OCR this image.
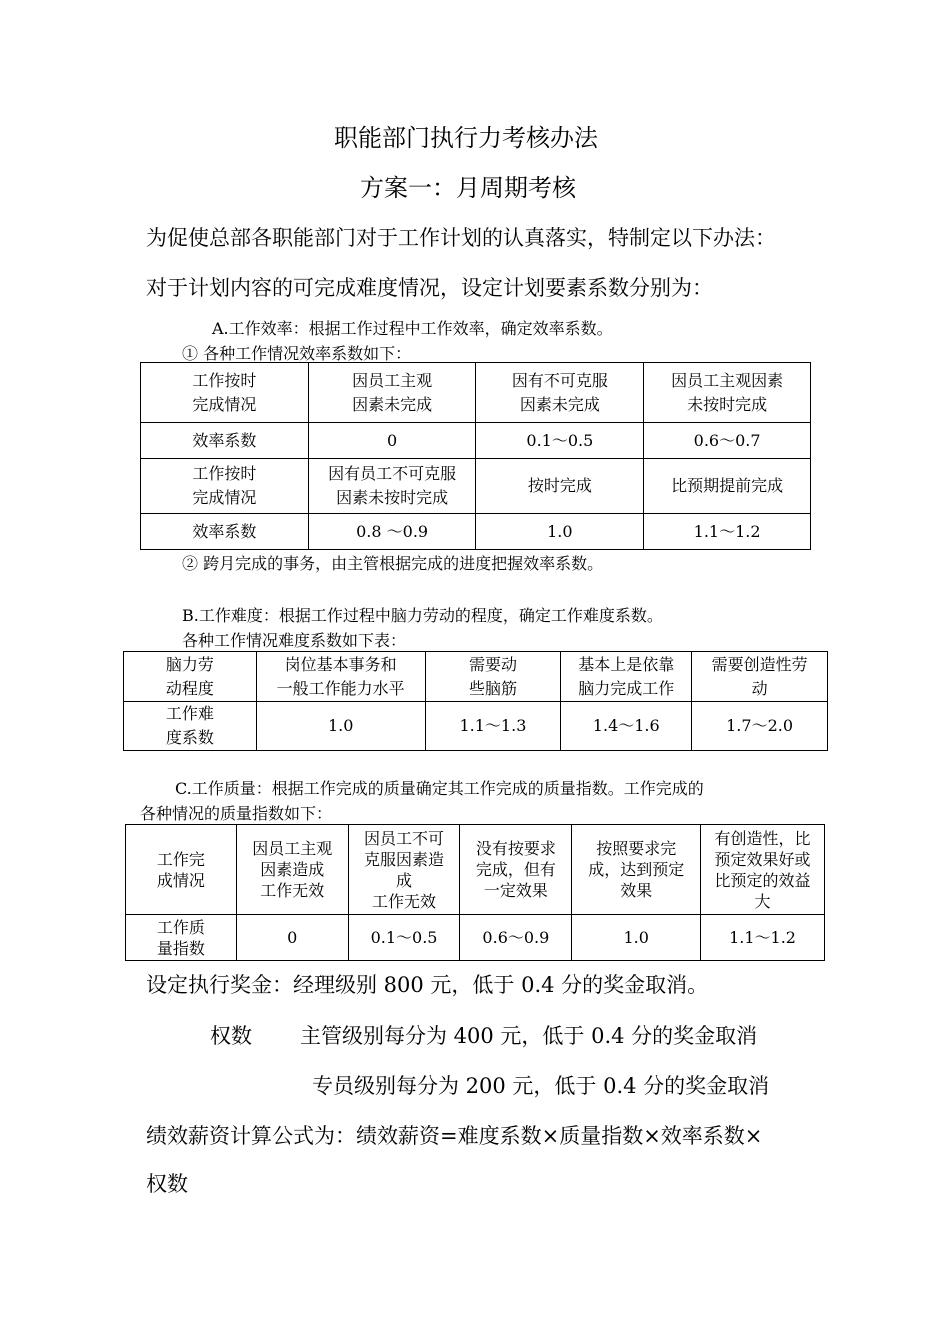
职能部门执行力考核办法
方案一：月周期考核
为促使总部各职能部门对于工作计划的认真落实，特制定以下办法：
对于计划内容的可完成难度情况，设定计划要素系数分别为：
A.工作效率：根据工作过程中工作效率，确定效率系数。
① 各种工作情况效率系数如下：
工作按时
完成情况	因员工主观
因素未完成	因有不可克服
因素未完成	因员工主观因素
未按时完成
效率系数	0	0.1～0.5	0.6～0.7
工作按时
完成情况	因有员工不可克服
因素未按时完成	按时完成	比预期提前完成
效率系数	0.8 ～0.9	1.0	1.1～1.2
② 跨月完成的事务，由主管根据完成的进度把握效率系数。
B.工作难度：根据工作过程中脑力劳动的程度，确定工作难度系数。
各种工作情况难度系数如下表：
脑力劳
动程度	岗位基本事务和
一般工作能力水平	需要动
些脑筋	基本上是依靠
脑力完成工作	需要创造性劳
动
工作难
度系数	1.0	1.1～1.3	1.4～1.6	1.7～2.0
C.工作质量：根据工作完成的质量确定其工作完成的质量指数。工作完成的
各种情况的质量指数如下：
工作完
成情况	因员工主观
因素造成
工作无效	因员工不可
克服因素造
成
工作无效	没有按要求
完成，但有
一定效果	按照要求完
成，达到预定
效果	有创造性，比
预定效果好或
比预定的效益
大
工作质
量指数	0	0.1～0.5	0.6～0.9	1.0	1.1～1.2
设定执行奖金：经理级别 800 元，低于 0.4 分的奖金取消。
权数 主管级别每分为 400 元，低于 0.4 分的奖金取消
专员级别每分为 200 元，低于 0.4 分的奖金取消
绩效薪资计算公式为：绩效薪资=难度系数×质量指数×效率系数×
权数
